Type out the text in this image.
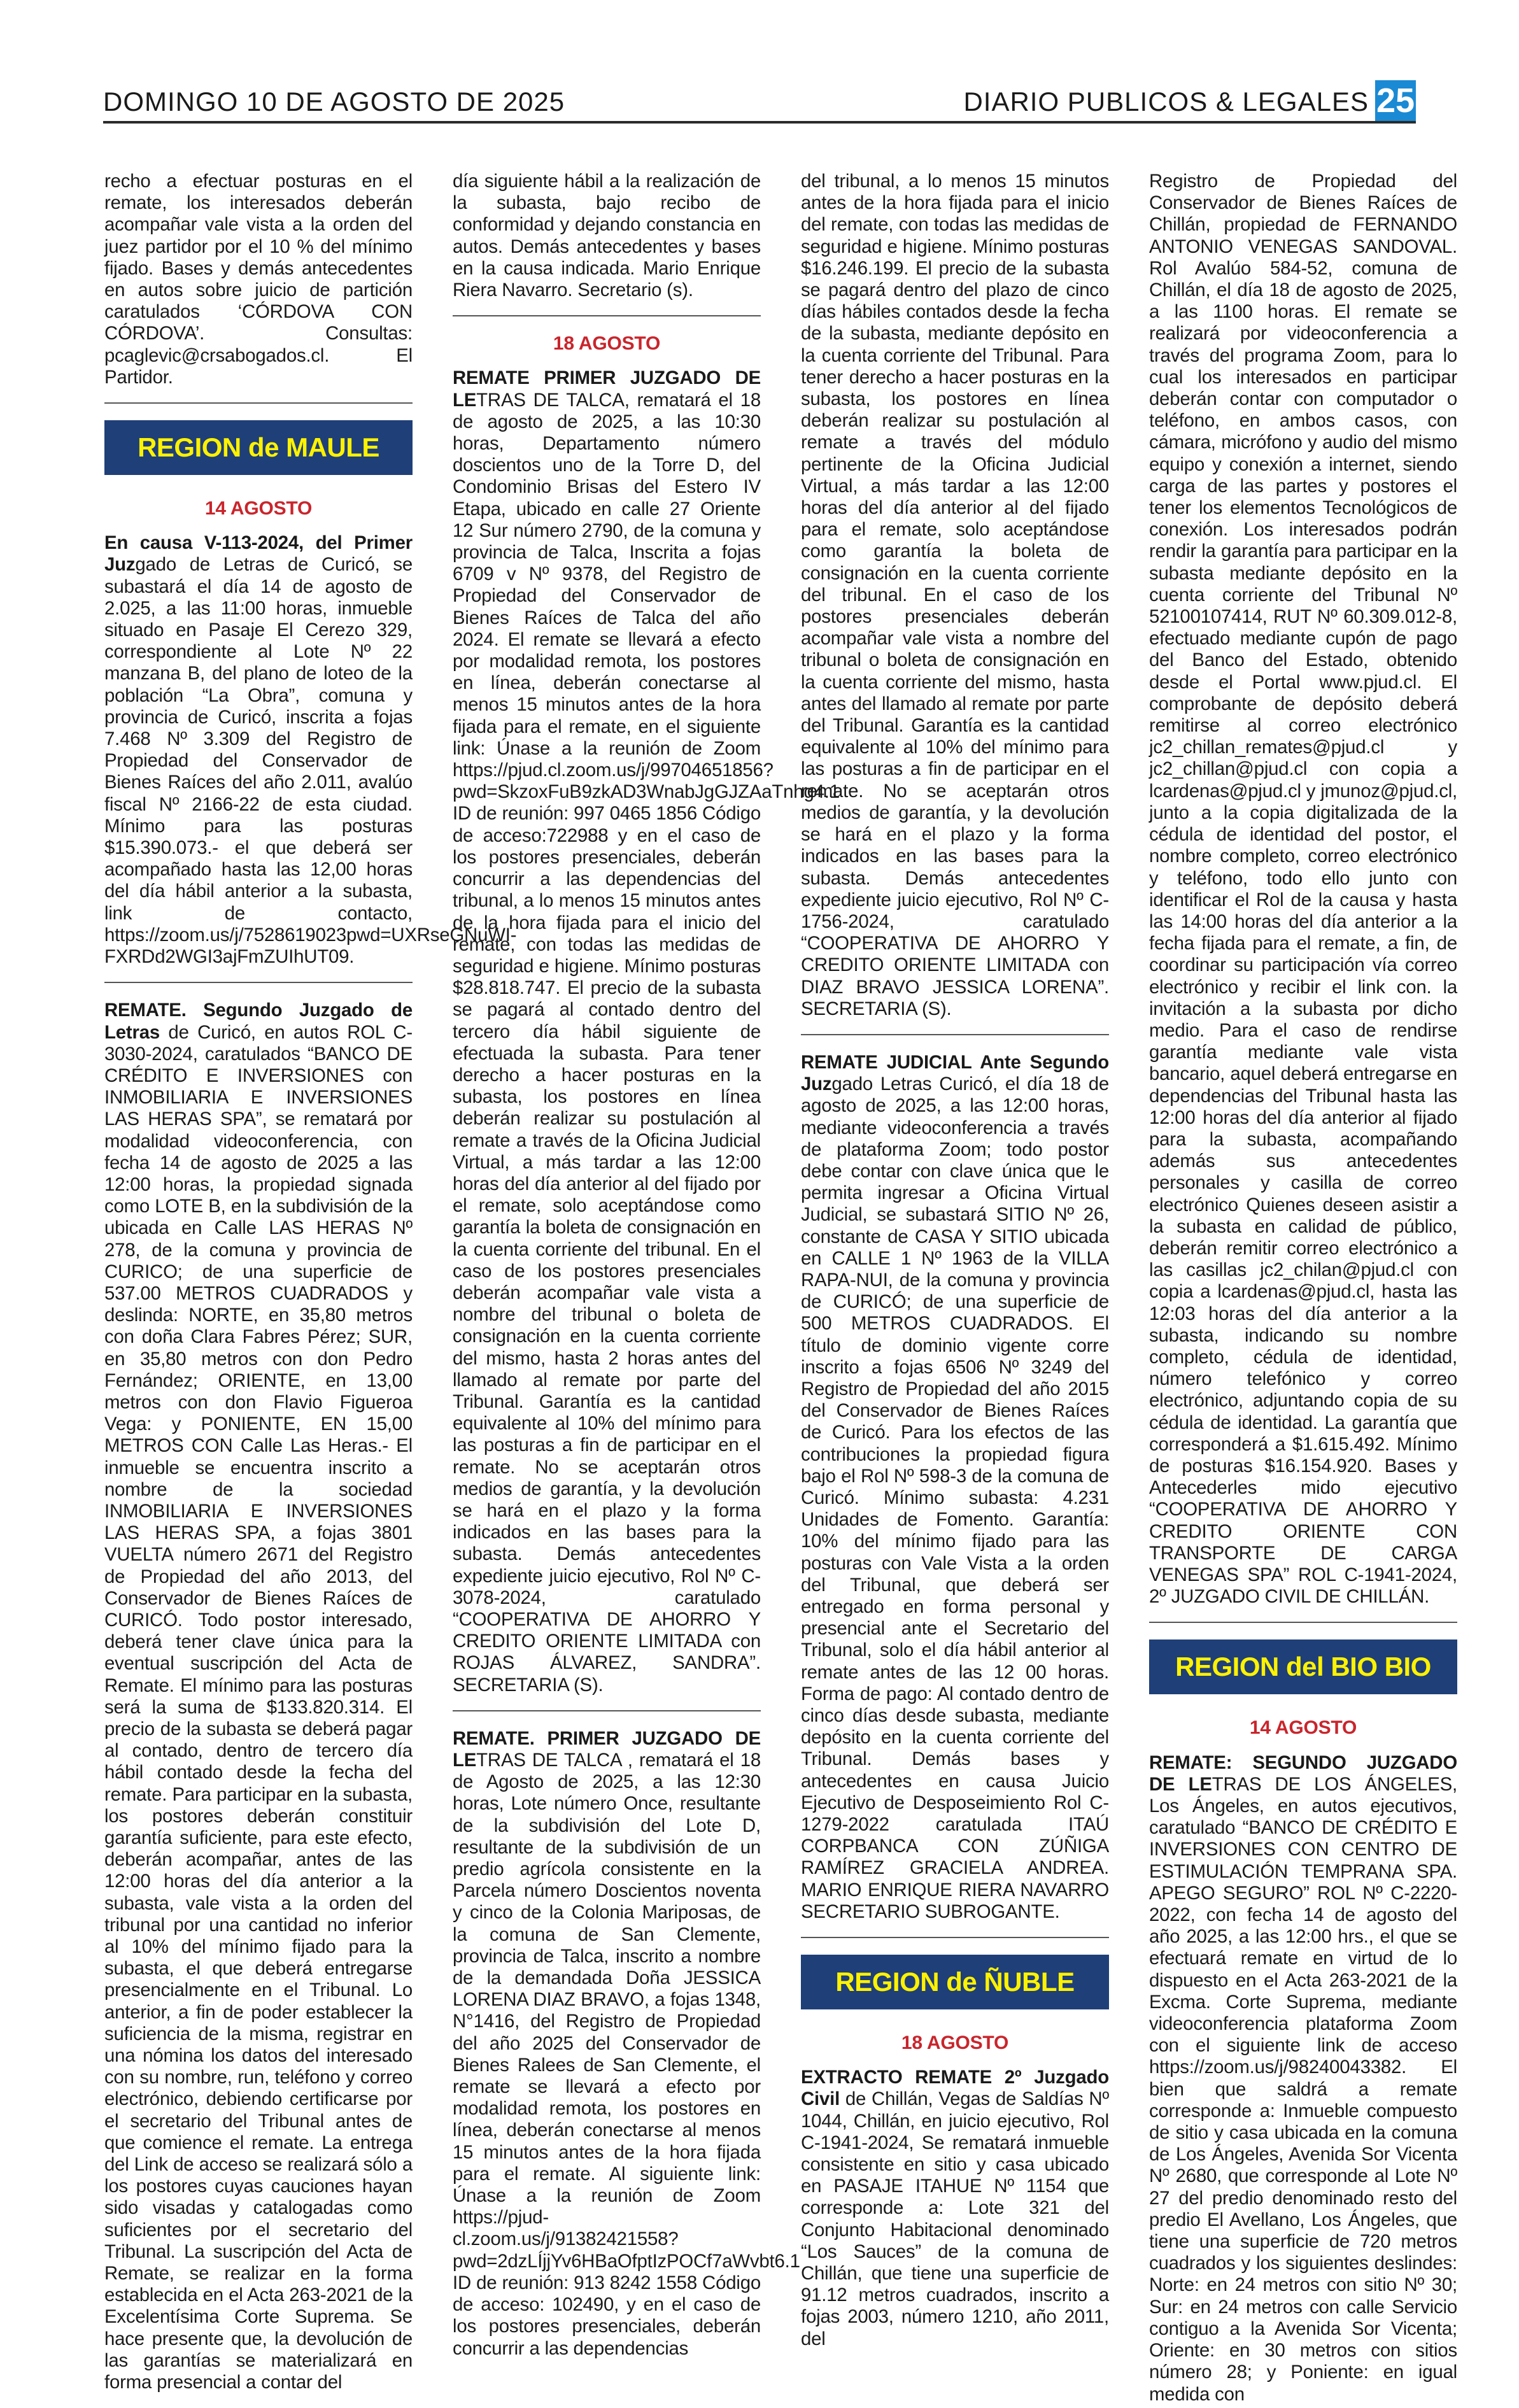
DOMINGO 10 DE AGOSTO DE 2025	DIARIO PUBLICOS & LEGALES 25

recho a efectuar posturas en el remate, los interesados deberán acompañar vale vista a la orden del juez partidor por el 10 % del mínimo fijado. Bases y demás antecedentes en autos sobre juicio de partición caratulados ‘CÓRDOVA CON CÓRDOVA’. Consultas: pcaglevic@crsabogados.cl. El Partidor.

REGION de MAULE
14 AGOSTO

En causa V-113-2024, del Primer Juzgado de Letras de Curicó, se subastará el día 14 de agosto de 2.025, a las 11:00 horas, inmueble situado en Pasaje El Cerezo 329, correspondiente al Lote Nº 22 manzana B, del plano de loteo de la población “La Obra”, comuna y provincia de Curicó, inscrita a fojas 7.468 Nº 3.309 del Registro de Propiedad del Conservador de Bienes Raíces del año 2.011, avalúo fiscal Nº 2166-22 de esta ciudad. Mínimo para las posturas $15.390.073.- el que deberá ser acompañado hasta las 12,00 horas del día hábil anterior a la subasta, link de contacto, https://zoom.us/j/7528619023pwd=UXRseGNuWI-FXRDd2WGI3ajFmZUIhUT09.

REMATE. Segundo Juzgado de Letras de Curicó, en autos ROL C-3030-2024, caratulados “BANCO DE CRÉDITO E INVERSIONES con INMOBILIARIA E INVERSIONES LAS HERAS SPA”, se rematará por modalidad videoconferencia, con fecha 14 de agosto de 2025 a las 12:00 horas, la propiedad signada como LOTE B, en la subdivisión de la ubicada en Calle LAS HERAS Nº 278, de la comuna y provincia de CURICO; de una superficie de 537.00 METROS CUADRADOS y deslinda: NORTE, en 35,80 metros con doña Clara Fabres Pérez; SUR, en 35,80 metros con don Pedro Fernández; ORIENTE, en 13,00 metros con don Flavio Figueroa Vega: y PONIENTE, EN 15,00 METROS CON Calle Las Heras.- El inmueble se encuentra inscrito a nombre de la sociedad INMOBILIARIA E INVERSIONES LAS HERAS SPA, a fojas 3801 VUELTA número 2671 del Registro de Propiedad del año 2013, del Conservador de Bienes Raíces de CURICÓ. Todo postor interesado, deberá tener clave única para la eventual suscripción del Acta de Remate. El mínimo para las posturas será la suma de $133.820.314. El precio de la subasta se deberá pagar al contado, dentro de tercero día hábil contado desde la fecha del remate. Para participar en la subasta, los postores deberán constituir garantía suficiente, para este efecto, deberán acompañar, antes de las 12:00 horas del día anterior a la subasta, vale vista a la orden del tribunal por una cantidad no inferior al 10% del mínimo fijado para la subasta, el que deberá entregarse presencialmente en el Tribunal. Lo anterior, a fin de poder establecer la suficiencia de la misma, registrar en una nómina los datos del interesado con su nombre, run, teléfono y correo electrónico, debiendo certificarse por el secretario del Tribunal antes de que comience el remate. La entrega del Link de acceso se realizará sólo a los postores cuyas cauciones hayan sido visadas y catalogadas como suficientes por el secretario del Tribunal. La suscripción del Acta de Remate, se realizar en la forma establecida en el Acta 263-2021 de la Excelentísima Corte Suprema. Se hace presente que, la devolución de las garantías se materializará en forma presencial a contar del

día siguiente hábil a la realización de la subasta, bajo recibo de conformidad y dejando constancia en autos. Demás antecedentes y bases en la causa indicada. Mario Enrique Riera Navarro. Secretario (s).

18 AGOSTO

REMATE PRIMER JUZGADO DE LETRAS DE TALCA, rematará el 18 de agosto de 2025, a las 10:30 horas, Departamento número doscientos uno de la Torre D, del Condominio Brisas del Estero IV Etapa, ubicado en calle 27 Oriente 12 Sur número 2790, de la comuna y provincia de Talca, Inscrita a fojas 6709 v Nº 9378, del Registro de Propiedad del Conservador de Bienes Raíces de Talca del año 2024. El remate se llevará a efecto por modalidad remota, los postores en línea, deberán conectarse al menos 15 minutos antes de la hora fijada para el remate, en el siguiente link: Únase a la reunión de Zoom https://pjud.cl.zoom.us/j/99704651856?pwd=SkzoxFuB9zkAD3WnabJgGJZAaTnhg4.1 ID de reunión: 997 0465 1856 Código de acceso:722988 y en el caso de los postores presenciales, deberán concurrir a las dependencias del tribunal, a lo menos 15 minutos antes de la hora fijada para el inicio del remate, con todas las medidas de seguridad e higiene. Mínimo posturas $28.818.747. El precio de la subasta se pagará al contado dentro del tercero día hábil siguiente de efectuada la subasta. Para tener derecho a hacer posturas en la subasta, los postores en línea deberán realizar su postulación al remate a través de la Oficina Judicial Virtual, a más tardar a las 12:00 horas del día anterior al del fijado por el remate, solo aceptándose como garantía la boleta de consignación en la cuenta corriente del tribunal. En el caso de los postores presenciales deberán acompañar vale vista a nombre del tribunal o boleta de consignación en la cuenta corriente del mismo, hasta 2 horas antes del llamado al remate por parte del Tribunal. Garantía es la cantidad equivalente al 10% del mínimo para las posturas a fin de participar en el remate. No se aceptarán otros medios de garantía, y la devolución se hará en el plazo y la forma indicados en las bases para la subasta. Demás antecedentes expediente juicio ejecutivo, Rol Nº C-3078-2024, caratulado “COOPERATIVA DE AHORRO Y CREDITO ORIENTE LIMITADA con ROJAS ÁLVAREZ, SANDRA”. SECRETARIA (S).

REMATE. PRIMER JUZGADO DE LETRAS DE TALCA , rematará el 18 de Agosto de 2025, a las 12:30 horas, Lote número Once, resultante de la subdivisión del Lote D, resultante de la subdivisión de un predio agrícola consistente en la Parcela número Doscientos noventa y cinco de la Colonia Mariposas, de la comuna de San Clemente, provincia de Talca, inscrito a nombre de la demandada Doña JESSICA LORENA DIAZ BRAVO, a fojas 1348, N°1416, del Registro de Propiedad del año 2025 del Conservador de Bienes Ralees de San Clemente, el remate se llevará a efecto por modalidad remota, los postores en línea, deberán conectarse al menos 15 minutos antes de la hora fijada para el remate. Al siguiente link: Únase a la reunión de Zoom https://pjud-cl.zoom.us/j/91382421558?pwd=2dzLÍjjYv6HBaOfptIzPOCf7aWvbt6.1 ID de reunión: 913 8242 1558 Código de acceso: 102490, y en el caso de los postores presenciales, deberán concurrir a las dependencias

del tribunal, a lo menos 15 minutos antes de la hora fijada para el inicio del remate, con todas las medidas de seguridad e higiene. Mínimo posturas $16.246.199. El precio de la subasta se pagará dentro del plazo de cinco días hábiles contados desde la fecha de la subasta, mediante depósito en la cuenta corriente del Tribunal. Para tener derecho a hacer posturas en la subasta, los postores en línea deberán realizar su postulación al remate a través del módulo pertinente de la Oficina Judicial Virtual, a más tardar a las 12:00 horas del día anterior al del fijado para el remate, solo aceptándose como garantía la boleta de consignación en la cuenta corriente del tribunal. En el caso de los postores presenciales deberán acompañar vale vista a nombre del tribunal o boleta de consignación en la cuenta corriente del mismo, hasta antes del llamado al remate por parte del Tribunal. Garantía es la cantidad equivalente al 10% del mínimo para las posturas a fin de participar en el remate. No se aceptarán otros medios de garantía, y la devolución se hará en el plazo y la forma indicados en las bases para la subasta. Demás antecedentes expediente juicio ejecutivo, Rol Nº C-1756-2024, caratulado “COOPERATIVA DE AHORRO Y CREDITO ORIENTE LIMITADA con DIAZ BRAVO JESSICA LORENA”. SECRETARIA (S).

REMATE JUDICIAL Ante Segundo Juzgado Letras Curicó, el día 18 de agosto de 2025, a las 12:00 horas, mediante videoconferencia a través de plataforma Zoom; todo postor debe contar con clave única que le permita ingresar a Oficina Virtual Judicial, se subastará SITIO Nº 26, constante de CASA Y SITIO ubicada en CALLE 1 Nº 1963 de la VILLA RAPA-NUI, de la comuna y provincia de CURICÓ; de una superficie de 500 METROS CUADRADOS. El título de dominio vigente corre inscrito a fojas 6506 Nº 3249 del Registro de Propiedad del año 2015 del Conservador de Bienes Raíces de Curicó. Para los efectos de las contribuciones la propiedad figura bajo el Rol Nº 598-3 de la comuna de Curicó. Mínimo subasta: 4.231 Unidades de Fomento. Garantía: 10% del mínimo fijado para las posturas con Vale Vista a la orden del Tribunal, que deberá ser entregado en forma personal y presencial ante el Secretario del Tribunal, solo el día hábil anterior al remate antes de las 12 00 horas. Forma de pago: Al contado dentro de cinco días desde subasta, mediante depósito en la cuenta corriente del Tribunal. Demás bases y antecedentes en causa Juicio Ejecutivo de Desposeimiento Rol C-1279-2022 caratulada ITAÚ CORPBANCA CON ZÚÑIGA RAMÍREZ GRACIELA ANDREA. MARIO ENRIQUE RIERA NAVARRO SECRETARIO SUBROGANTE.

REGION de ÑUBLE
18 AGOSTO

EXTRACTO REMATE 2º Juzgado Civil de Chillán, Vegas de Saldías Nº 1044, Chillán, en juicio ejecutivo, Rol C-1941-2024, Se rematará inmueble consistente en sitio y casa ubicado en PASAJE ITAHUE Nº 1154 que corresponde a: Lote 321 del Conjunto Habitacional denominado “Los Sauces” de la comuna de Chillán, que tiene una superficie de 91.12 metros cuadrados, inscrito a fojas 2003, número 1210, año 2011, del

Registro de Propiedad del Conservador de Bienes Raíces de Chillán, propiedad de FERNANDO ANTONIO VENEGAS SANDOVAL. Rol Avalúo 584-52, comuna de Chillán, el día 18 de agosto de 2025, a las 1100 horas. El remate se realizará por videoconferencia a través del programa Zoom, para lo cual los interesados en participar deberán contar con computador o teléfono, en ambos casos, con cámara, micrófono y audio del mismo equipo y conexión a internet, siendo carga de las partes y postores el tener los elementos Tecnológicos de conexión. Los interesados podrán rendir la garantía para participar en la subasta mediante depósito en la cuenta corriente del Tribunal Nº 52100107414, RUT Nº 60.309.012-8, efectuado mediante cupón de pago del Banco del Estado, obtenido desde el Portal www.pjud.cl. El comprobante de depósito deberá remitirse al correo electrónico jc2_chillan_remates@pjud.cl y jc2_chillan@pjud.cl con copia a lcardenas@pjud.cl y jmunoz@pjud.cl, junto a la copia digitalizada de la cédula de identidad del postor, el nombre completo, correo electrónico y teléfono, todo ello junto con identificar el Rol de la causa y hasta las 14:00 horas del día anterior a la fecha fijada para el remate, a fin, de coordinar su participación vía correo electrónico y recibir el link con. la invitación a la subasta por dicho medio. Para el caso de rendirse garantía mediante vale vista bancario, aquel deberá entregarse en dependencias del Tribunal hasta las 12:00 horas del día anterior al fijado para la subasta, acompañando además sus antecedentes personales y casilla de correo electrónico Quienes deseen asistir a la subasta en calidad de público, deberán remitir correo electrónico a las casillas jc2_chilan@pjud.cl con copia a lcardenas@pjud.cl, hasta las 12:03 horas del día anterior a la subasta, indicando su nombre completo, cédula de identidad, número telefónico y correo electrónico, adjuntando copia de su cédula de identidad. La garantía que corresponderá a $1.615.492. Mínimo de posturas $16.154.920. Bases y Antecederles mido ejecutivo “COOPERATIVA DE AHORRO Y CREDITO ORIENTE CON TRANSPORTE DE CARGA VENEGAS SPA” ROL C-1941-2024, 2º JUZGADO CIVIL DE CHILLÁN.

REGION del BIO BIO
14 AGOSTO

REMATE: SEGUNDO JUZGADO DE LETRAS DE LOS ÁNGELES, Los Ángeles, en autos ejecutivos, caratulado “BANCO DE CRÉDITO E INVERSIONES CON CENTRO DE ESTIMULACIÓN TEMPRANA SPA. APEGO SEGURO” ROL Nº C-2220-2022, con fecha 14 de agosto del año 2025, a las 12:00 hrs., el que se efectuará remate en virtud de lo dispuesto en el Acta 263-2021 de la Excma. Corte Suprema, mediante videoconferencia plataforma Zoom con el siguiente link de acceso https://zoom.us/j/98240043382. El bien que saldrá a remate corresponde a: Inmueble compuesto de sitio y casa ubicada en la comuna de Los Ángeles, Avenida Sor Vicenta Nº 2680, que corresponde al Lote Nº 27 del predio denominado resto del predio El Avellano, Los Ángeles, que tiene una superficie de 720 metros cuadrados y los siguientes deslindes: Norte: en 24 metros con sitio Nº 30; Sur: en 24 metros con calle Servicio contiguo a la Avenida Sor Vicenta; Oriente: en 30 metros con sitios número 28; y Poniente: en igual medida con
